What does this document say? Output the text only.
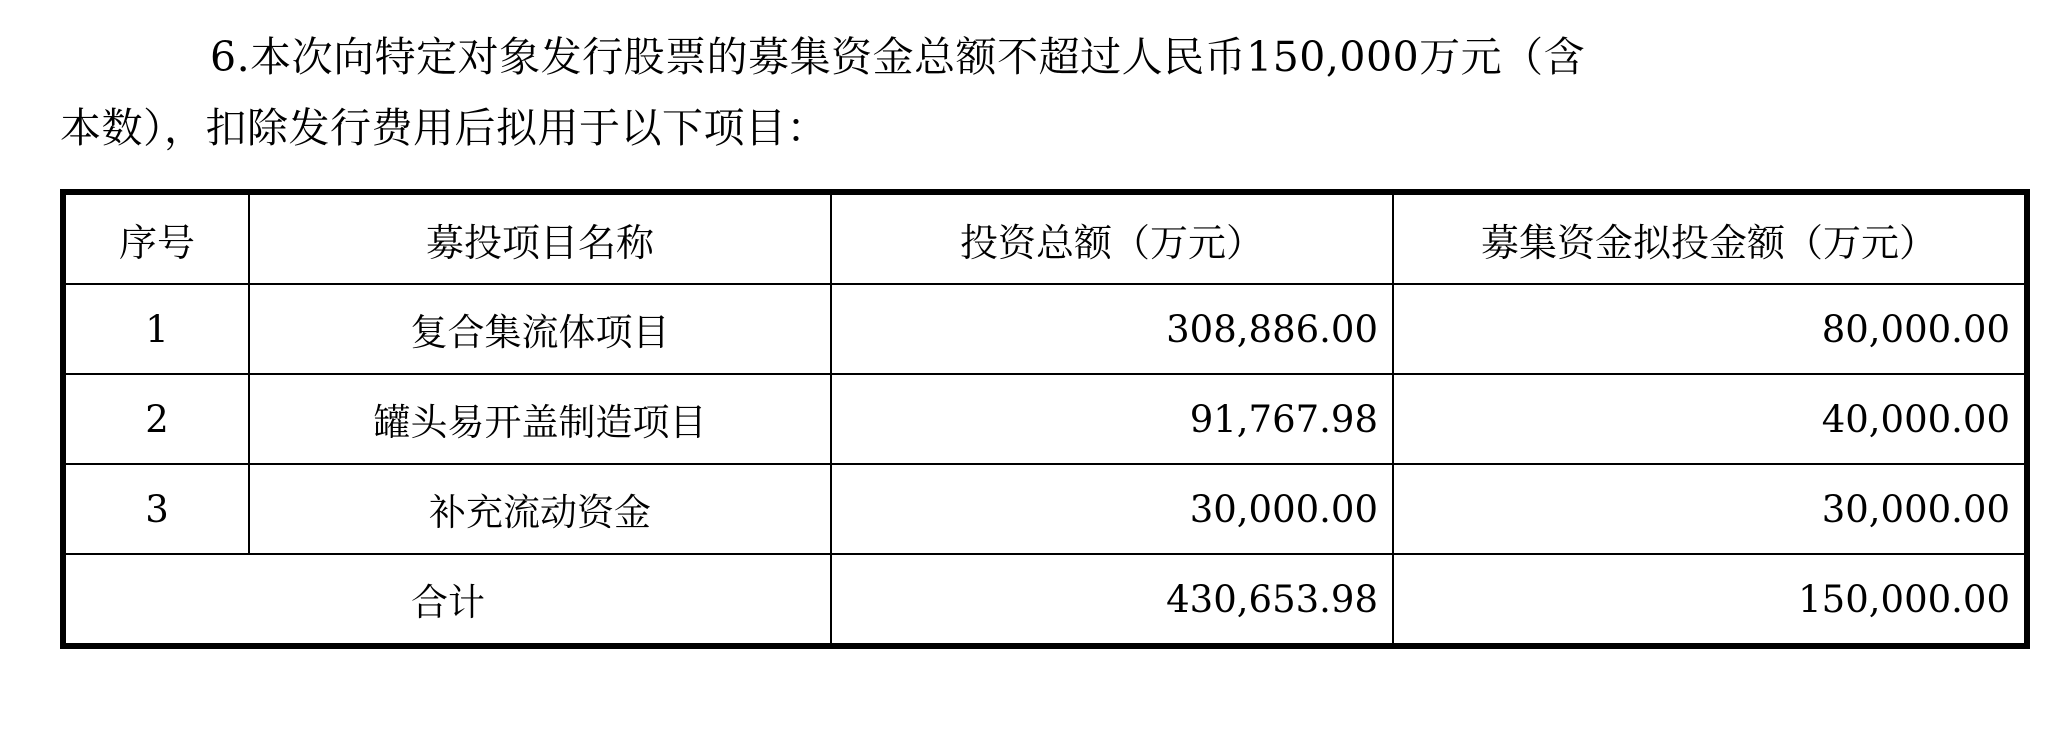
6.本次向特定对象发行股票的募集资金总额不超过人民币150,000万元（含
本数），扣除发行费用后拟用于以下项目：
序号	募投项目名称	投资总额（万元）	募集资金拟投金额（万元）
1	复合集流体项目	308,886.00	80,000.00
2	罐头易开盖制造项目	91,767.98	40,000.00
3	补充流动资金	30,000.00	30,000.00
合计		430,653.98	150,000.00
